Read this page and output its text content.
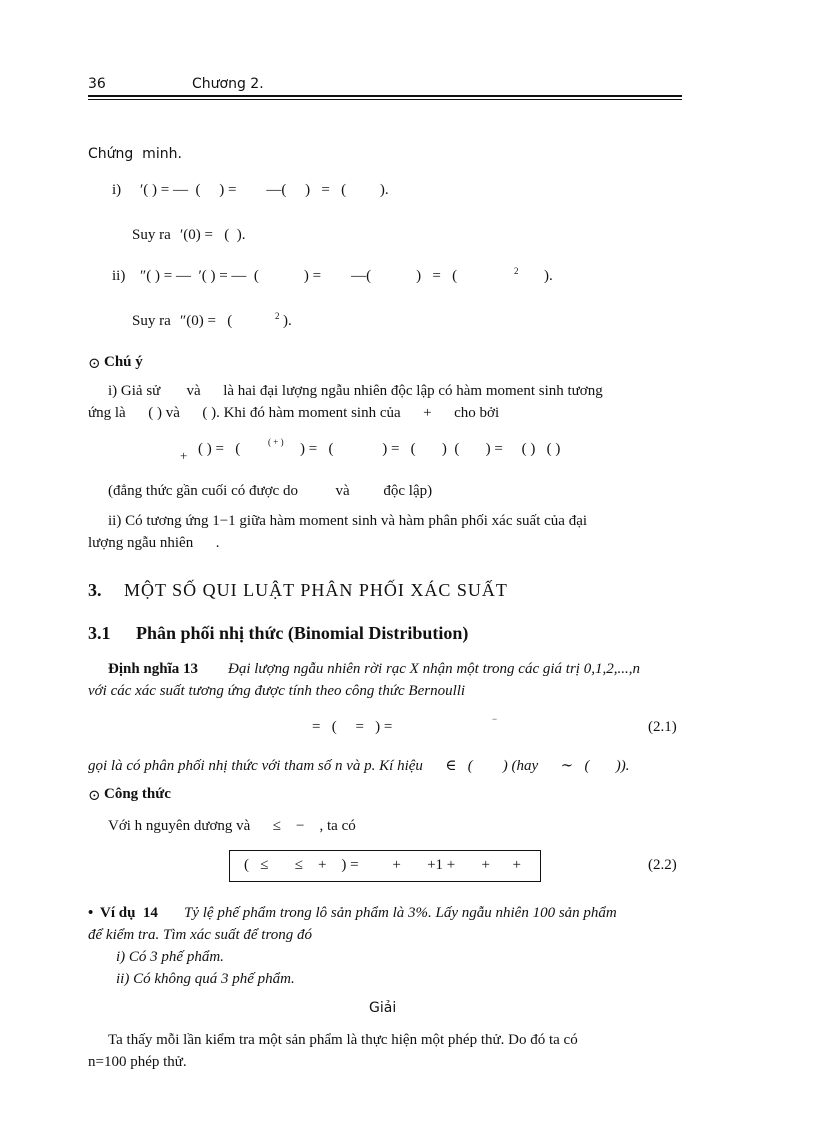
36	Chương 2.
Chứng  minh.
i) ′( ) = —  (     ) =        —(     )   =   (         ).
Suy ra ′(0) =   (  ).
ii) ″( ) = —  ′( ) = —  (            ) =        —(            )   =   (	2 ).
Suy ra ″(0) =   (	2 ).
⊙ Chú ý
i) Giả sử       và      là hai đại lượng ngẫu nhiên độc lập có hàm moment sinh tương
ứng là      ( ) và      ( ). Khi đó hàm moment sinh của      +      cho bởi
+ ( ) =   (	( + ) ) =   (             ) =   (       )  (       ) =     ( )   ( )
(đẳng thức gần cuối có được do          và         độc lập)
ii) Có tương ứng 1−1 giữa hàm moment sinh và hàm phân phối xác suất của đại
lượng ngẫu nhiên      .
3. MỘT SỐ QUI LUẬT PHÂN PHỐI XÁC SUẤT
3.1 Phân phối nhị thức (Binomial Distribution)
Định nghĩa 13 Đại lượng ngẫu nhiên rời rạc X nhận một trong các giá trị 0,1,2,...,n
với các xác suất tương ứng được tính theo công thức Bernoulli
=   (     =   ) =	−	(2.1)
gọi là có phân phối nhị thức với tham số n và p. Kí hiệu      ∈   (        ) (hay      ∼   (       )).
⊙ Công thức
Với h nguyên dương và      ≤    −    , ta có
(   ≤       ≤    +    ) =         +       +1 +       +      +	(2.2)
• Ví dụ  14 Tỷ lệ phế phẩm trong lô sản phẩm là 3%. Lấy ngẫu nhiên 100 sản phẩm
để kiểm tra. Tìm xác suất để trong đó
i) Có 3 phế phẩm.
ii) Có không quá 3 phế phẩm.
Giải
Ta thấy mỗi lần kiểm tra một sản phẩm là thực hiện một phép thử. Do đó ta có
n=100 phép thử.
